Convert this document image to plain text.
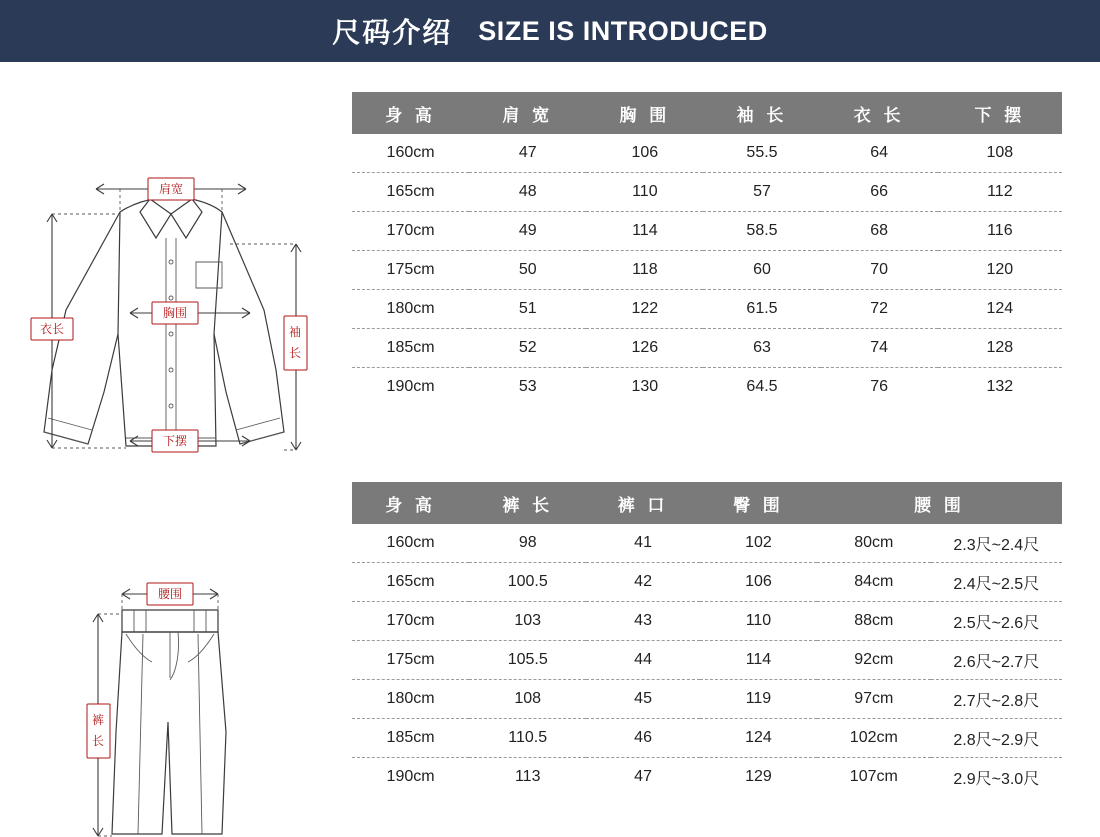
尺码介绍 SIZE IS INTRODUCED
肩宽
胸围
下摆
衣长	袖
长
腰围
裤
长
身 高	肩 宽	胸 围	袖 长	衣 长	下 摆
160cm	47	106	55.5	64	108
165cm	48	110	57	66	112
170cm	49	114	58.5	68	116
175cm	50	118	60	70	120
180cm	51	122	61.5	72	124
185cm	52	126	63	74	128
190cm	53	130	64.5	76	132
身 高	裤 长	裤 口	臀 围	腰 围	
160cm	98	41	102	80cm	2.3尺~2.4尺
165cm	100.5	42	106	84cm	2.4尺~2.5尺
170cm	103	43	110	88cm	2.5尺~2.6尺
175cm	105.5	44	114	92cm	2.6尺~2.7尺
180cm	108	45	119	97cm	2.7尺~2.8尺
185cm	110.5	46	124	102cm	2.8尺~2.9尺
190cm	113	47	129	107cm	2.9尺~3.0尺
